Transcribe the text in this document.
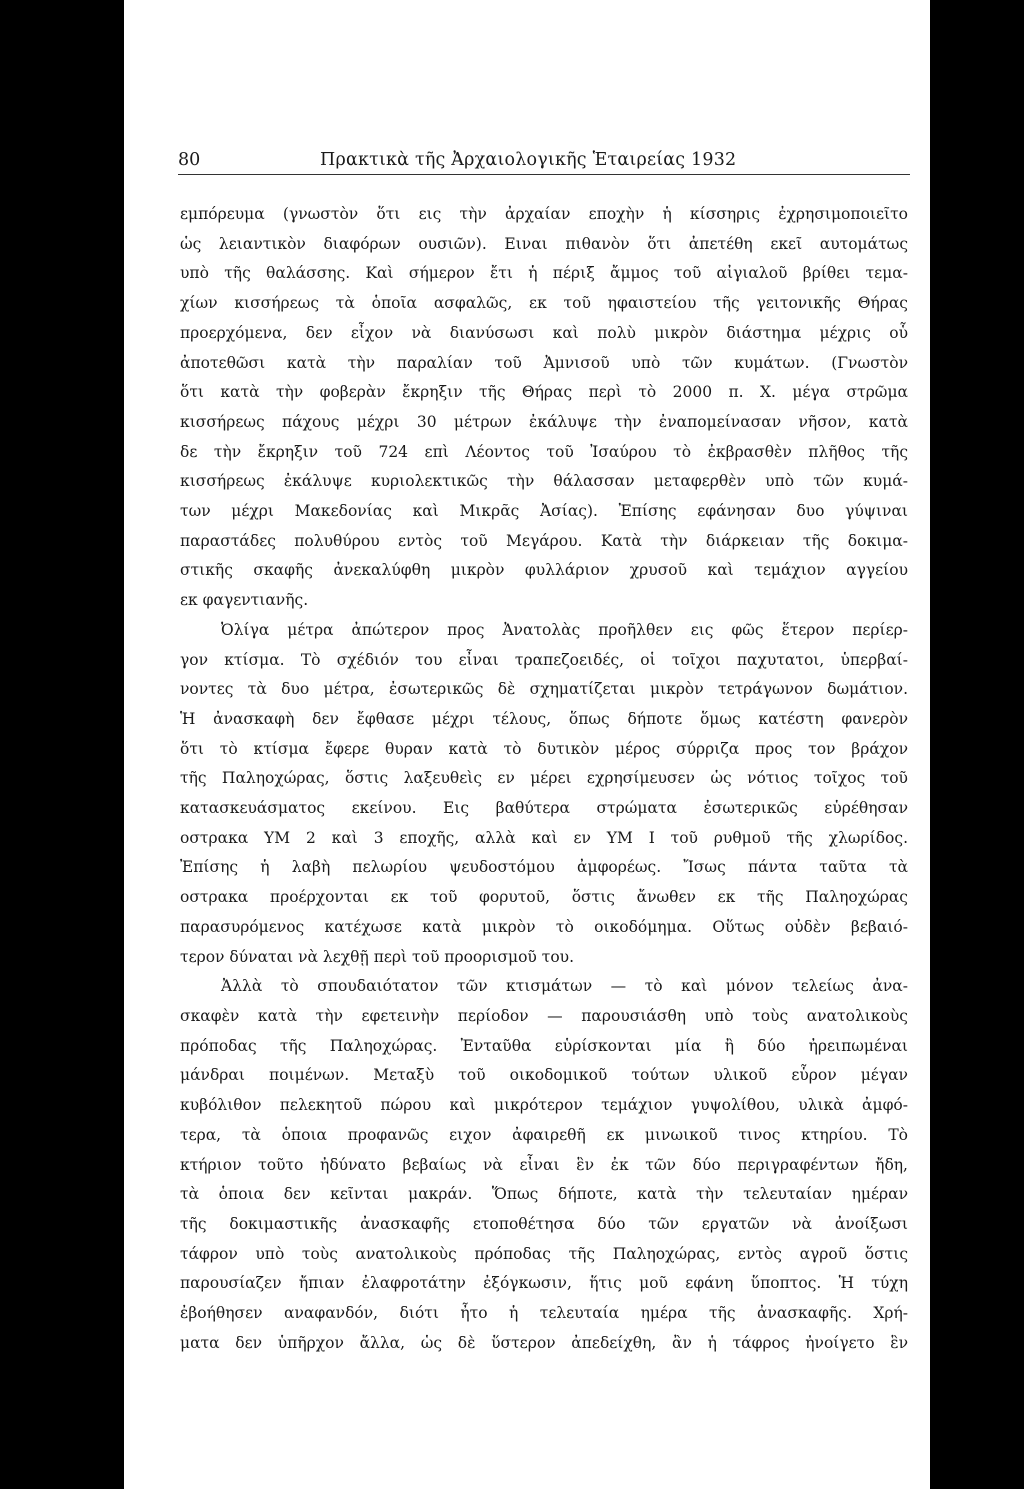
80	Πρακτικὰ τῆς Ἀρχαιολογικῆς Ἑταιρείας 1932

εμπόρευμα (γνωστὸν ὅτι εις τὴν ἀρχαίαν εποχὴν ἡ κίσσηρις ἐχρησιμοποιεῖτο

ὡς λειαντικὸν διαφόρων ουσιῶν). Ειναι πιθανὸν ὅτι ἀπετέθη εκεῖ αυτομάτως

υπὸ τῆς θαλάσσης. Καὶ σήμερον ἔτι ἡ πέριξ ἄμμος τοῦ αἰγιαλοῦ βρίθει τεμα-

χίων κισσήρεως τὰ ὁποῖα ασφαλῶς, εκ τοῦ ηφαιστείου τῆς γειτονικῆς Θήρας

προερχόμενα, δεν εἶχον νὰ διανύσωσι καὶ πολὺ μικρὸν διάστημα μέχρις οὗ

ἀποτεθῶσι κατὰ τὴν παραλίαν τοῦ Ἀμνισοῦ υπὸ τῶν κυμάτων. (Γνωστὸν

ὅτι κατὰ τὴν φοβερὰν ἔκρηξιν τῆς Θήρας περὶ τὸ 2000 π. Χ. μέγα στρῶμα

κισσήρεως πάχους μέχρι 30 μέτρων ἐκάλυψε τὴν ἐναπομείνασαν νῆσον, κατὰ

δε τὴν ἔκρηξιν τοῦ 724 επὶ Λέοντος τοῦ Ἰσαύρου τὸ ἐκβρασθὲν πλῆθος τῆς

κισσήρεως ἐκάλυψε κυριολεκτικῶς τὴν θάλασσαν μεταφερθὲν υπὸ τῶν κυμά-

των μέχρι Μακεδονίας καὶ Μικρᾶς Ἀσίας). Ἐπίσης εφάνησαν δυο γύψιναι

παραστάδες πολυθύρου εντὸς τοῦ Μεγάρου. Κατὰ τὴν διάρκειαν τῆς δοκιμα-

στικῆς σκαφῆς ἀνεκαλύφθη μικρὸν φυλλάριον χρυσοῦ καὶ τεμάχιον αγγείου

εκ φαγεντιανῆς.

Ὀλίγα μέτρα ἀπώτερον προς Ἀνατολὰς προῆλθεν εις φῶς ἕτερον περίερ-

γον κτίσμα. Τὸ σχέδιόν του εἶναι τραπεζοειδές, οἱ τοῖχοι παχυτατοι, ὑπερβαί-

νοντες τὰ δυο μέτρα, ἐσωτερικῶς δὲ σχηματίζεται μικρὸν τετράγωνον δωμάτιον.

Ἡ ἀνασκαφὴ δεν ἔφθασε μέχρι τέλους, ὅπως δήποτε ὅμως κατέστη φανερὸν

ὅτι τὸ κτίσμα ἔφερε θυραν κατὰ τὸ δυτικὸν μέρος σύρριζα προς τον βράχον

τῆς Παληοχώρας, ὅστις λαξευθεὶς εν μέρει εχρησίμευσεν ὡς νότιος τοῖχος τοῦ

κατασκευάσματος εκείνου. Εις βαθύτερα στρώματα ἐσωτερικῶς εὑρέθησαν

οστρακα ΥΜ 2 καὶ 3 εποχῆς, αλλὰ καὶ εν ΥΜ Ι τοῦ ρυθμοῦ τῆς χλωρίδος.

Ἐπίσης ἡ λαβὴ πελωρίου ψευδοστόμου ἀμφορέως. Ἴσως πάντα ταῦτα τὰ

οστρακα προέρχονται εκ τοῦ φορυτοῦ, ὅστις ἄνωθεν εκ τῆς Παληοχώρας

παρασυρόμενος κατέχωσε κατὰ μικρὸν τὸ οικοδόμημα. Οὕτως οὐδὲν βεβαιό-

τερον δύναται νὰ λεχθῇ περὶ τοῦ προορισμοῦ του.

Ἀλλὰ τὸ σπουδαιότατον τῶν κτισμάτων — τὸ καὶ μόνον τελείως ἀνα-

σκαφὲν κατὰ τὴν εφετεινὴν περίοδον — παρουσιάσθη υπὸ τοὺς ανατολικοὺς

πρόποδας τῆς Παληοχώρας. Ἐνταῦθα εὑρίσκονται μία ἢ δύο ἠρειπωμέναι

μάνδραι ποιμένων. Μεταξὺ τοῦ οικοδομικοῦ τούτων υλικοῦ εὗρον μέγαν

κυβόλιθον πελεκητοῦ πώρου καὶ μικρότερον τεμάχιον γυψολίθου, υλικὰ ἀμφό-

τερα, τὰ ὁποια προφανῶς ειχον ἀφαιρεθῆ εκ μινωικοῦ τινος κτηρίου. Τὸ

κτήριον τοῦτο ἠδύνατο βεβαίως νὰ εἶναι ἓν ἐκ τῶν δύο περιγραφέντων ἤδη,

τὰ ὁποια δεν κεῖνται μακράν. Ὅπως δήποτε, κατὰ τὴν τελευταίαν ημέραν

τῆς δοκιμαστικῆς ἀνασκαφῆς ετοποθέτησα δύο τῶν εργατῶν νὰ ἀνοίξωσι

τάφρον υπὸ τοὺς ανατολικοὺς πρόποδας τῆς Παληοχώρας, εντὸς αγροῦ ὅστις

παρουσίαζεν ἤπιαν ἐλαφροτάτην ἐξόγκωσιν, ἥτις μοῦ εφάνη ὕποπτος. Ἡ τύχη

ἐβοήθησεν αναφανδόν, διότι ἦτο ἡ τελευταία ημέρα τῆς ἀνασκαφῆς. Χρή-

ματα δεν ὑπῆρχον ἄλλα, ὡς δὲ ὕστερον ἀπεδείχθη, ἂν ἡ τάφρος ἠνοίγετο ἓν
